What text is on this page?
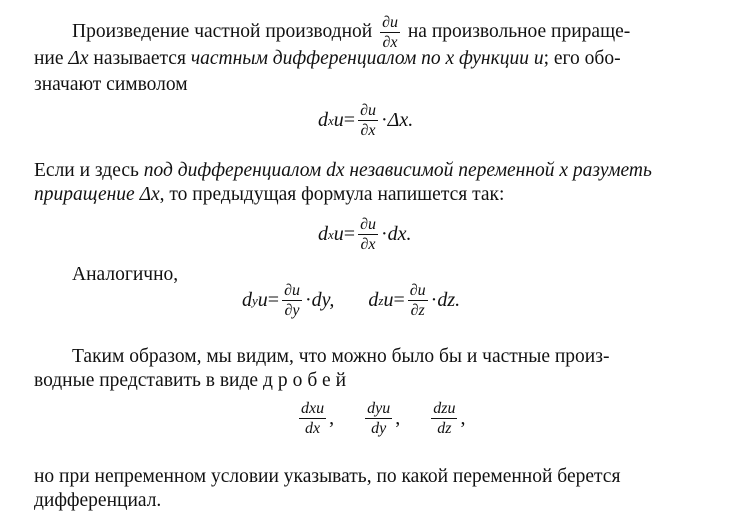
Произведение частной производной $\frac{\partial u}{\partial x}$ на произвольное прираще-
ние Δx называется частным дифференциалом по x функции u; его обо-
значают символом
d x $u = \frac{\partial u}{\partial x} \cdot \Delta x$.
Если и здесь под дифференциалом dx независимой переменной x разуметь
приращение Δx, то предыдущая формула напишется так:
d x $u = \frac{\partial u}{\partial x}$ · dx.
Аналогично,
d y $u = \frac{\partial u}{\partial y}$ · dy, d z $u = \frac{\partial u}{\partial z}$ · dz.
Таким образом, мы видим, что можно было бы и частные произ-
водные представить в виде дробей
$\frac{\text{dxu}}{dx}$ , $\frac{\text{dyu}}{dy}$ , $\frac{\text{dzu}}{dz}$ ,
но при непременном условии указывать, по какой переменной берется
дифференциал.
